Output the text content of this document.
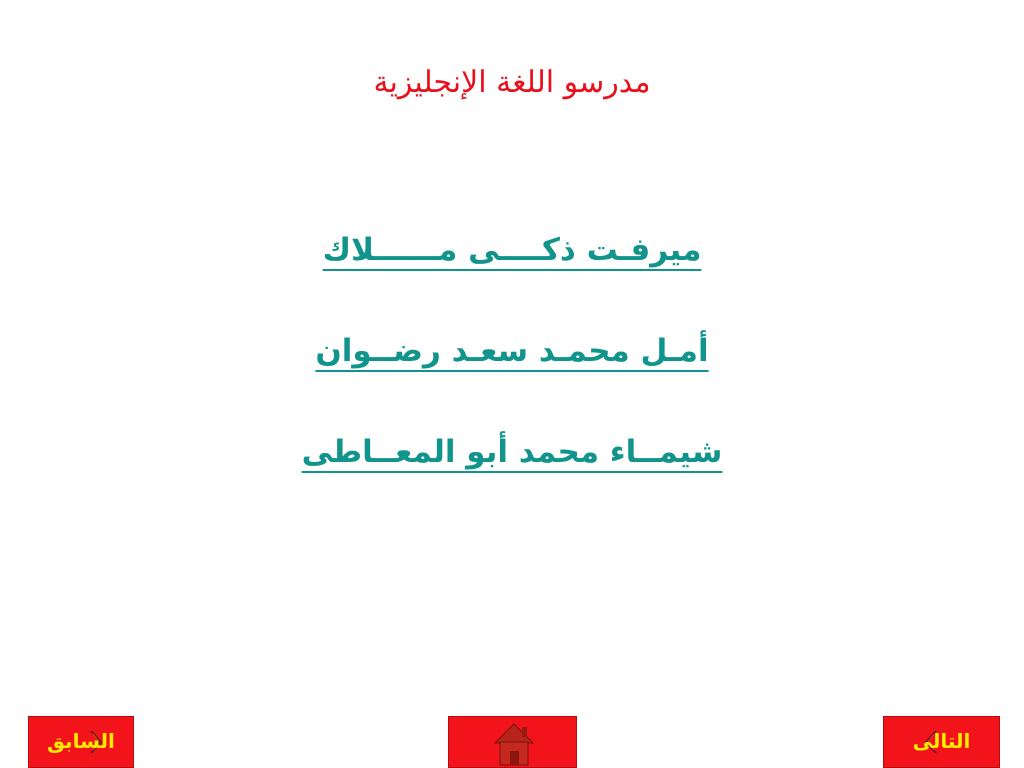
مدرسو اللغة الإنجليزية
ميرفـت ذكــــى مــــــلاك
أمـل محمـد سعـد رضــوان
شيمــاء محمد أبو المعــاطى
السابق	التالى
